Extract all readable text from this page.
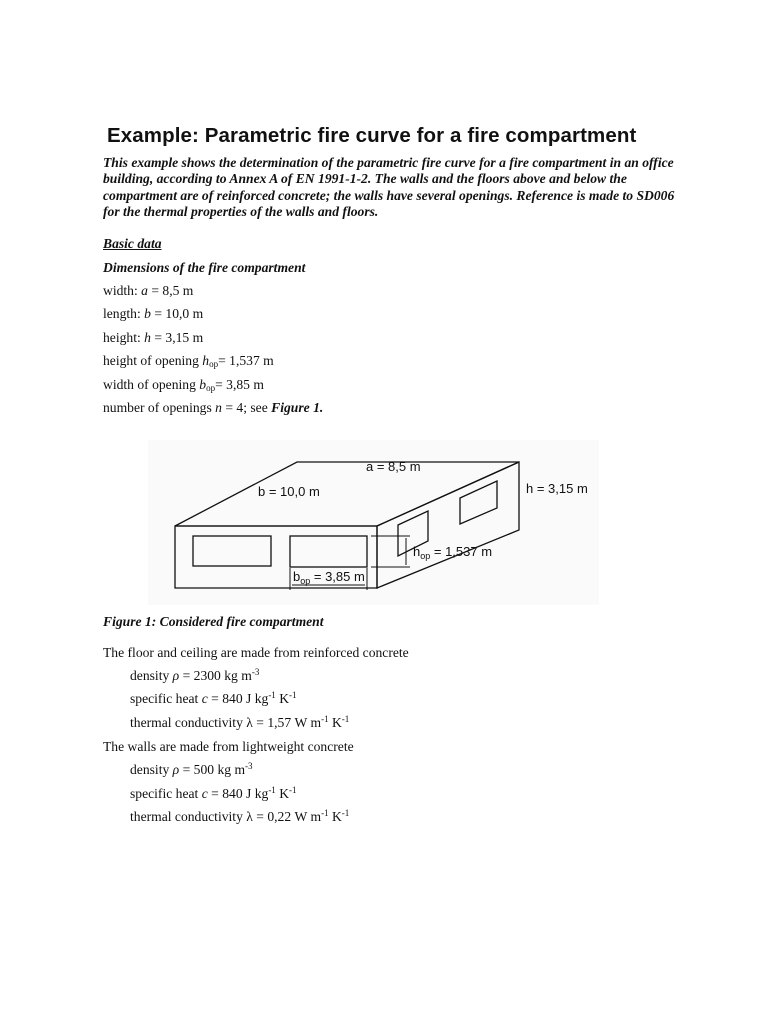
Example: Parametric fire curve for a fire compartment

This example shows the determination of the parametric fire curve for a fire compartment in an office building, according to Annex A of EN 1991-1-2. The walls and the floors above and below the compartment are of reinforced concrete; the walls have several openings. Reference is made to SD006 for the thermal properties of the walls and floors.

Basic data
Dimensions of the fire compartment
width: a = 8,5 m
length: b = 10,0 m
height: h = 3,15 m
height of opening $h_{op}= 1,537$ m
width of opening $b_{op}= 3,85$ m
number of openings n = 4; see Figure 1.
a = 8,5 m
b = 10,0 m	h = 3,15 m
$h_{op} = 1,537$ m
$b_{op} = 3,85$ m
Figure 1: Considered fire compartment
The floor and ceiling are made from reinforced concrete
density ρ = 2300 kg $m^{-3}$
specific heat c = 840 J $kg^{-1}$ $K^{-1}$
thermal conductivity λ = 1,57 W $m^{-1}$ $K^{-1}$
The walls are made from lightweight concrete
density ρ = 500 kg $m^{-3}$
specific heat c = 840 J $kg^{-1}$ $K^{-1}$
thermal conductivity λ = 0,22 W $m^{-1}$ $K^{-1}$
